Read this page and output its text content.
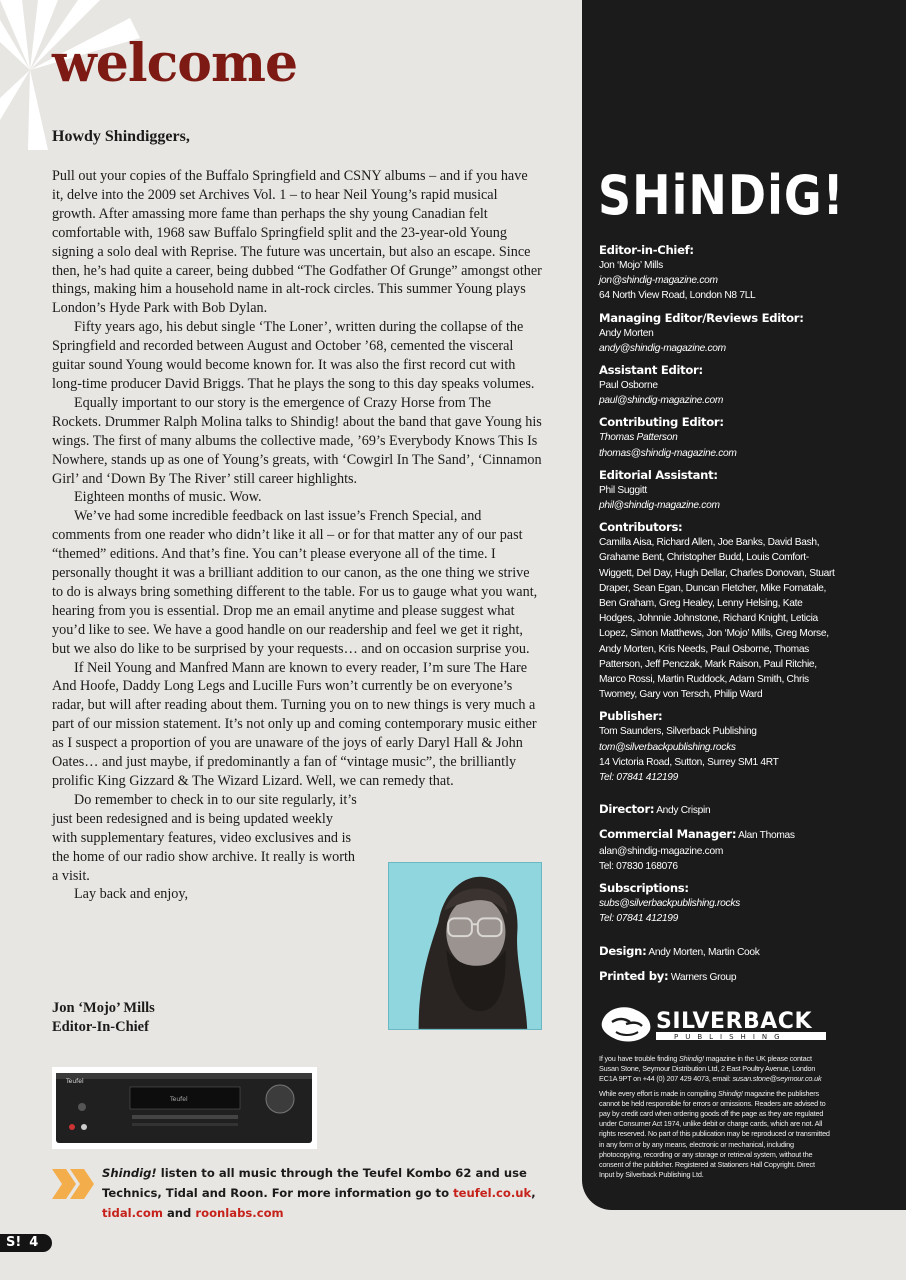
welcome
Howdy Shindiggers,

Pull out your copies of the Buffalo Springfield and CSNY albums – and if you have it, delve into the 2009 set Archives Vol. 1 – to hear Neil Young’s rapid musical growth. After amassing more fame than perhaps the shy young Canadian felt comfortable with, 1968 saw Buffalo Springfield split and the 23-year-old Young signing a solo deal with Reprise. The future was uncertain, but also an escape. Since then, he’s had quite a career, being dubbed “The Godfather Of Grunge” amongst other things, making him a household name in alt-rock circles. This summer Young plays London’s Hyde Park with Bob Dylan.

Fifty years ago, his debut single ‘The Loner’, written during the collapse of the Springfield and recorded between August and October ’68, cemented the visceral guitar sound Young would become known for. It was also the first record cut with long-time producer David Briggs. That he plays the song to this day speaks volumes.

Equally important to our story is the emergence of Crazy Horse from The Rockets. Drummer Ralph Molina talks to Shindig! about the band that gave Young his wings. The first of many albums the collective made, ’69’s Everybody Knows This Is Nowhere, stands up as one of Young’s greats, with ‘Cowgirl In The Sand’, ‘Cinnamon Girl’ and ‘Down By The River’ still career highlights.

Eighteen months of music. Wow.

We’ve had some incredible feedback on last issue’s French Special, and comments from one reader who didn’t like it all – or for that matter any of our past “themed” editions. And that’s fine. You can’t please everyone all of the time. I personally thought it was a brilliant addition to our canon, as the one thing we strive to do is always bring something different to the table. For us to gauge what you want, hearing from you is essential. Drop me an email anytime and please suggest what you’d like to see. We have a good handle on our readership and feel we get it right, but we also do like to be surprised by your requests… and on occasion surprise you.

If Neil Young and Manfred Mann are known to every reader, I’m sure The Hare And Hoofe, Daddy Long Legs and Lucille Furs won’t currently be on everyone’s radar, but will after reading about them. Turning you on to new things is very much a part of our mission statement. It’s not only up and coming contemporary music either as I suspect a proportion of you are unaware of the joys of early Daryl Hall & John Oates… and just maybe, if predominantly a fan of “vintage music”, the brilliantly prolific King Gizzard & The Wizard Lizard. Well, we can remedy that.

Do remember to check in to our site regularly, it’s just been redesigned and is being updated weekly with supplementary features, video exclusives and is the home of our radio show archive. It really is worth a visit.

Lay back and enjoy,

Jon ‘Mojo’ Mills
Editor-In-Chief
Teufel
Teufel
Shindig! listen to all music through the Teufel Kombo 62 and use Technics, Tidal and Roon. For more information go to teufel.co.uk, tidal.com and roonlabs.com
S! 4
SHiNDiG!
Editor-in-Chief:
Jon ‘Mojo’ Mills
jon@shindig-magazine.com
64 North View Road, London N8 7LL
Managing Editor/Reviews Editor:
Andy Morten
andy@shindig-magazine.com
Assistant Editor:
Paul Osborne
paul@shindig-magazine.com
Contributing Editor:
Thomas Patterson
thomas@shindig-magazine.com
Editorial Assistant:
Phil Suggitt
phil@shindig-magazine.com
Contributors:
Camilla Aisa, Richard Allen, Joe Banks, David Bash, Grahame Bent, Christopher Budd, Louis Comfort-Wiggett, Del Day, Hugh Dellar, Charles Donovan, Stuart Draper, Sean Egan, Duncan Fletcher, Mike Fornatale, Ben Graham, Greg Healey, Lenny Helsing, Kate Hodges, Johnnie Johnstone, Richard Knight, Leticia Lopez, Simon Matthews, Jon ‘Mojo’ Mills, Greg Morse, Andy Morten, Kris Needs, Paul Osborne, Thomas Patterson, Jeff Penczak, Mark Raison, Paul Ritchie, Marco Rossi, Martin Ruddock, Adam Smith, Chris Twomey, Gary von Tersch, Philip Ward
Publisher:
Tom Saunders, Silverback Publishing
tom@silverbackpublishing.rocks
14 Victoria Road, Sutton, Surrey SM1 4RT
Tel: 07841 412199
Director: Andy Crispin
Commercial Manager: Alan Thomas
alan@shindig-magazine.com
Tel: 07830 168076
Subscriptions:
subs@silverbackpublishing.rocks
Tel: 07841 412199
Design: Andy Morten, Martin Cook
Printed by: Warners Group
SILVERBACK
PUBLISHING

If you have trouble finding Shindig! magazine in the UK please contact Susan Stone, Seymour Distribution Ltd, 2 East Poultry Avenue, London EC1A 9PT on +44 (0) 207 429 4073, email: susan.stone@seymour.co.uk

While every effort is made in compiling Shindig! magazine the publishers cannot be held responsible for errors or omissions. Readers are advised to pay by credit card when ordering goods off the page as they are regulated under Consumer Act 1974, unlike debit or charge cards, which are not. All rights reserved. No part of this publication may be reproduced or transmitted in any form or by any means, electronic or mechanical, including photocopying, recording or any storage or retrieval system, without the consent of the publisher. Registered at Stationers Hall Copyright. Direct Input by Silverback Publishing Ltd.
